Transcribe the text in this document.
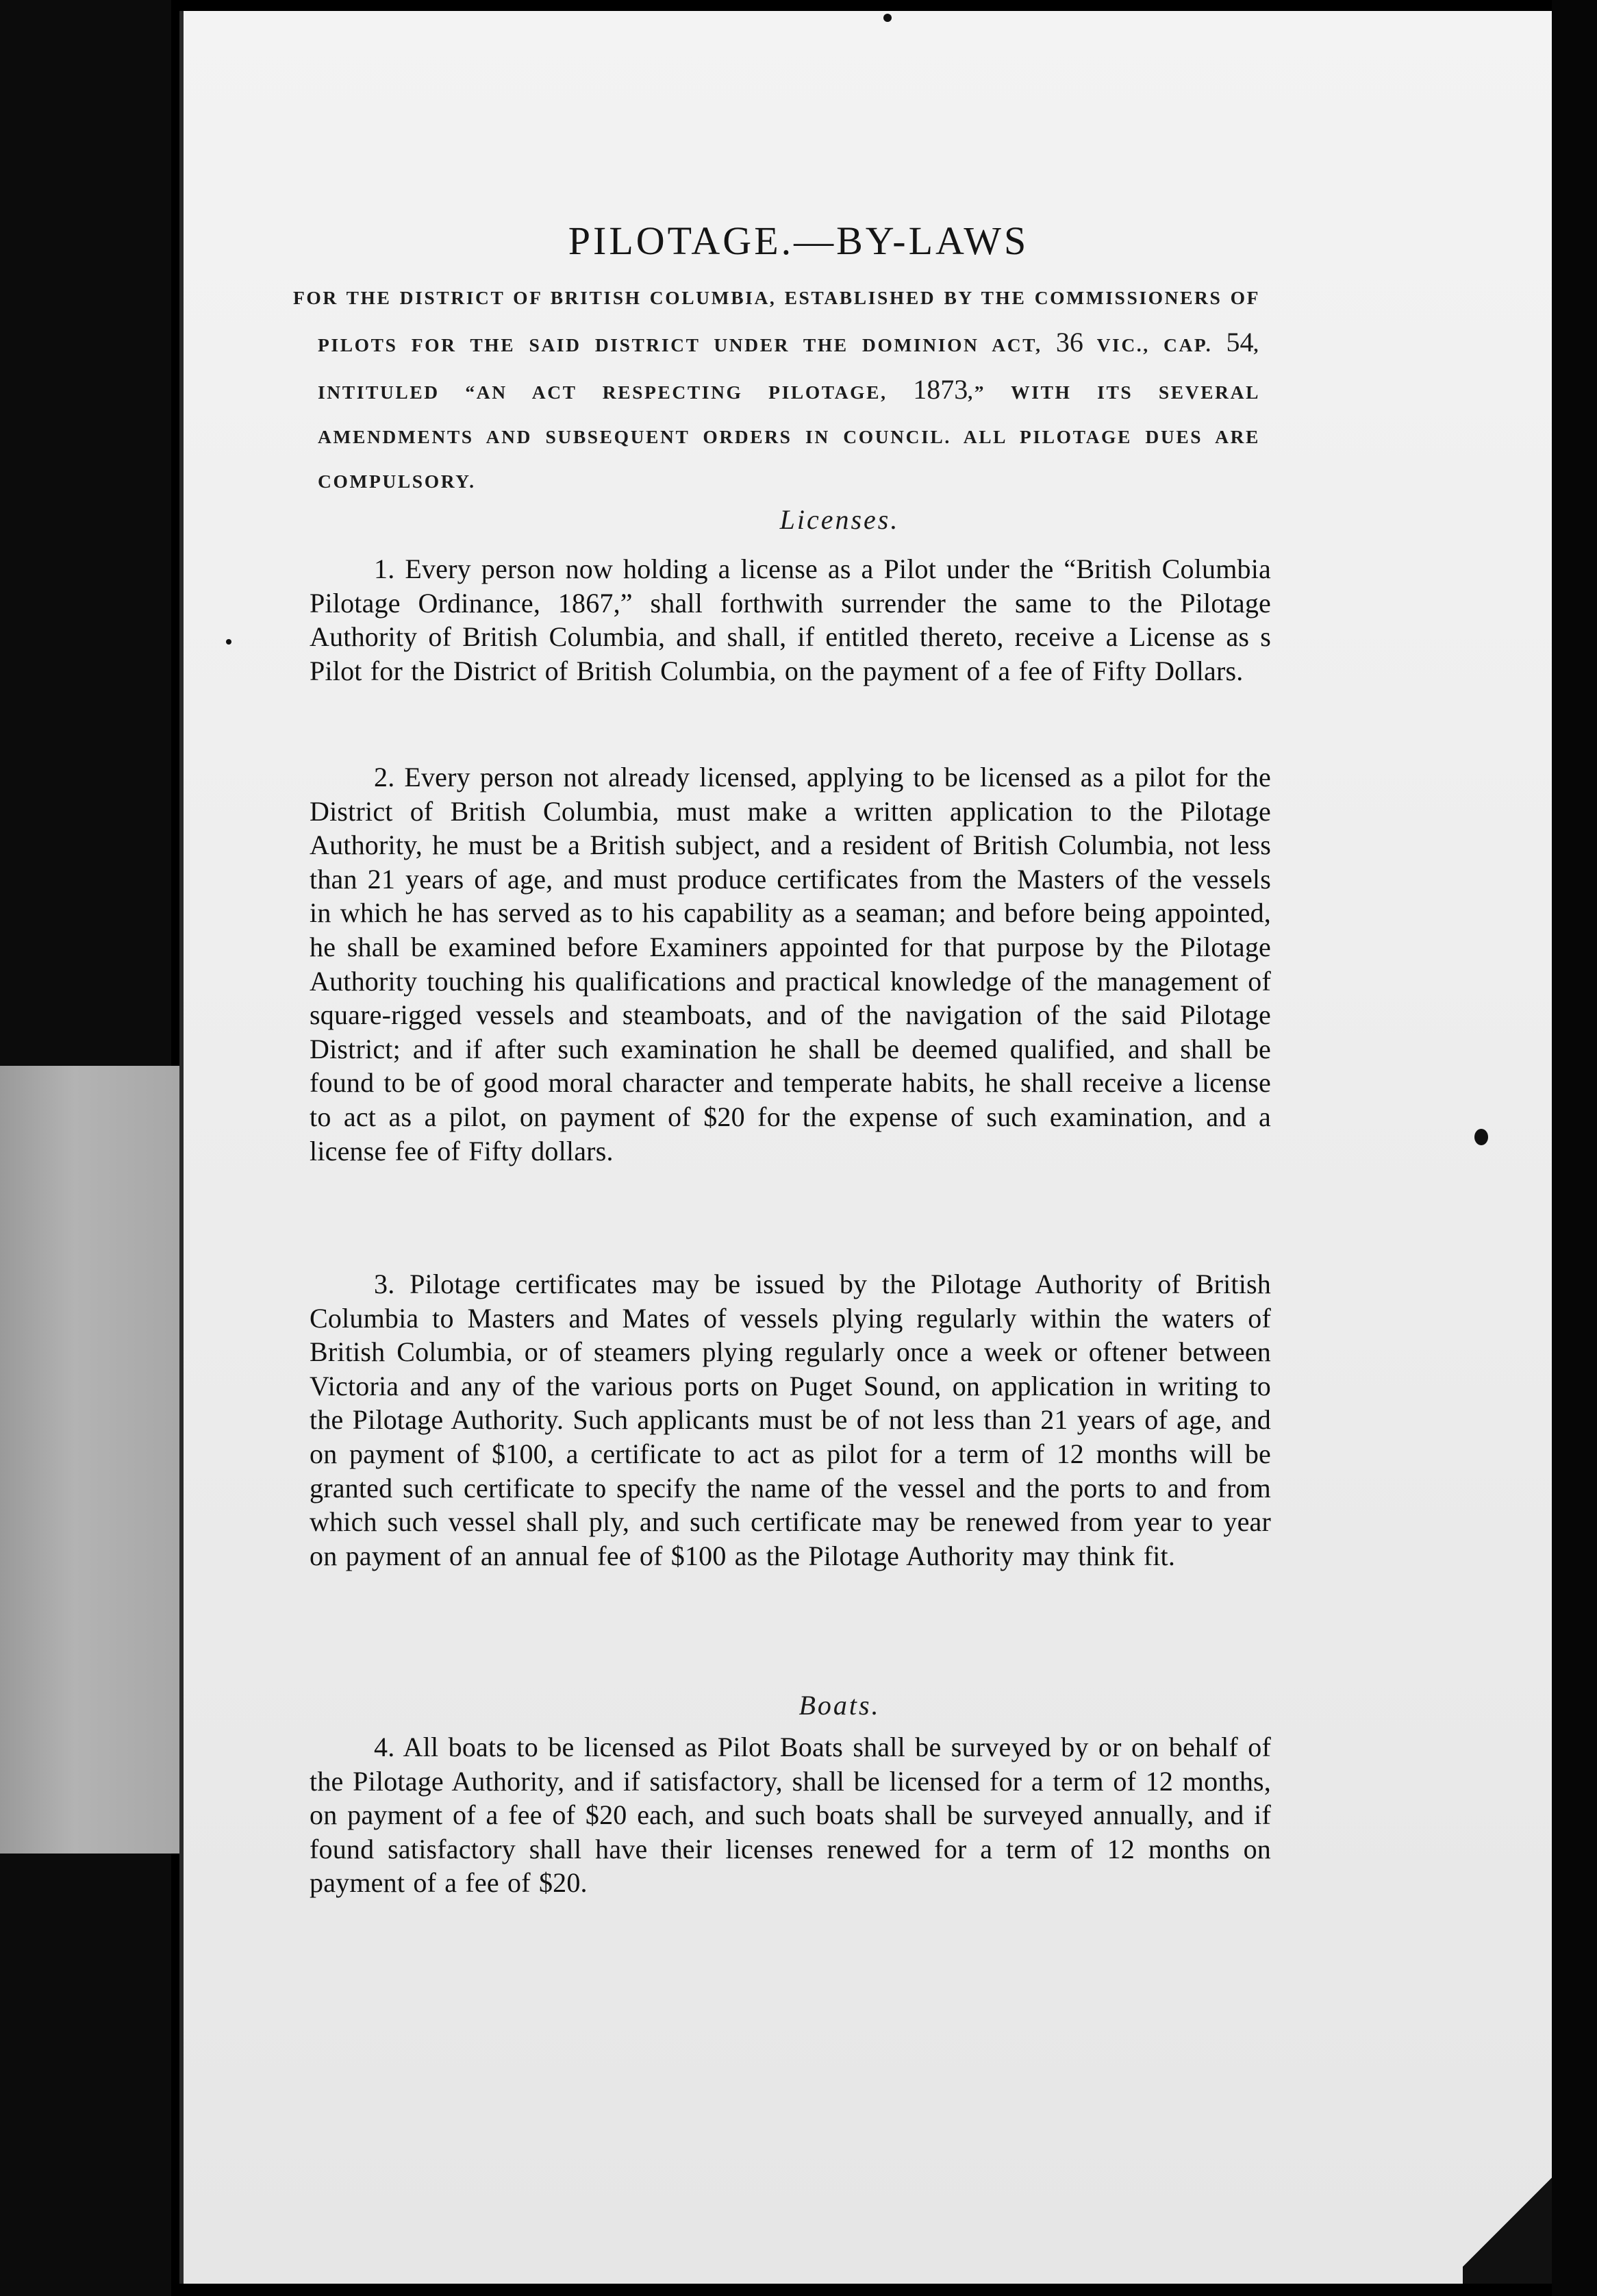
PILOTAGE.—BY-LAWS
FOR THE DISTRICT OF BRITISH COLUMBIA, ESTABLISHED BY THE COMMISSIONERS OF PILOTS FOR THE SAID DISTRICT UNDER THE DOMINION ACT, 36 VIC., CAP. 54, INTITULED “AN ACT RESPECTING PILOTAGE, 1873,” WITH ITS SEVERAL AMENDMENTS AND SUBSEQUENT ORDERS IN COUNCIL. ALL PILOTAGE DUES ARE COMPULSORY.
Licenses.

1. Every person now holding a license as a Pilot under the “British Columbia Pilotage Ordinance, 1867,” shall forthwith surrender the same to the Pilotage Authority of British Columbia, and shall, if entitled thereto, receive a License as s Pilot for the District of British Columbia, on the payment of a fee of Fifty Dollars.

2. Every person not already licensed, applying to be licensed as a pilot for the District of British Columbia, must make a written application to the Pilotage Authority, he must be a British subject, and a resident of British Columbia, not less than 21 years of age, and must produce certificates from the Masters of the vessels in which he has served as to his capability as a seaman; and before being appointed, he shall be examined before Examiners appointed for that purpose by the Pilotage Authority touching his qualifications and practical knowledge of the management of square-rigged vessels and steamboats, and of the navigation of the said Pilotage District; and if after such examination he shall be deemed qualified, and shall be found to be of good moral character and temperate habits, he shall receive a license to act as a pilot, on payment of $20 for the expense of such examination, and a license fee of Fifty dollars.

3. Pilotage certificates may be issued by the Pilotage Authority of British Columbia to Masters and Mates of vessels plying regularly within the waters of British Columbia, or of steamers plying regularly once a week or oftener between Victoria and any of the various ports on Puget Sound, on application in writing to the Pilotage Authority. Such applicants must be of not less than 21 years of age, and on payment of $100, a certificate to act as pilot for a term of 12 months will be granted such certificate to specify the name of the vessel and the ports to and from which such vessel shall ply, and such certificate may be renewed from year to year on payment of an annual fee of $100 as the Pilotage Authority may think fit.

Boats.

4. All boats to be licensed as Pilot Boats shall be surveyed by or on behalf of the Pilotage Authority, and if satisfactory, shall be licensed for a term of 12 months, on payment of a fee of $20 each, and such boats shall be surveyed annually, and if found satisfactory shall have their licenses renewed for a term of 12 months on payment of a fee of $20.
